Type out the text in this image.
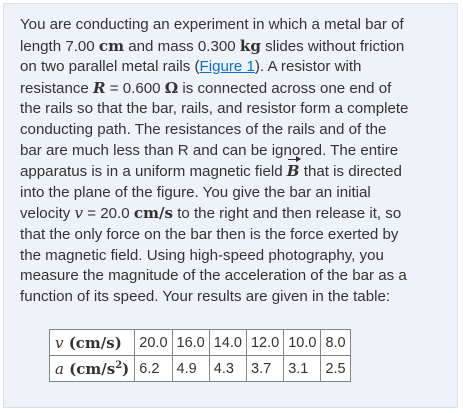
You are conducting an experiment in which a metal bar of
length 7.00 cm and mass 0.300 kg slides without friction
on two parallel metal rails (Figure 1). A resistor with
resistance R = 0.600 Ω is connected across one end of
the rails so that the bar, rails, and resistor form a complete
conducting path. The resistances of the rails and of the
bar are much less than R and can be ignored. The entire
apparatus is in a uniform magnetic field B that is directed
into the plane of the figure. You give the bar an initial
velocity v = 20.0 cm/s to the right and then release it, so
that the only force on the bar then is the force exerted by
the magnetic field. Using high-speed photography, you
measure the magnitude of the acceleration of the bar as a
function of its speed. Your results are given in the table:
v (cm/s)	20.0	16.0	14.0	12.0	10.0	8.0
a $(cm/s^2)$	6.2	4.9	4.3	3.7	3.1	2.5
